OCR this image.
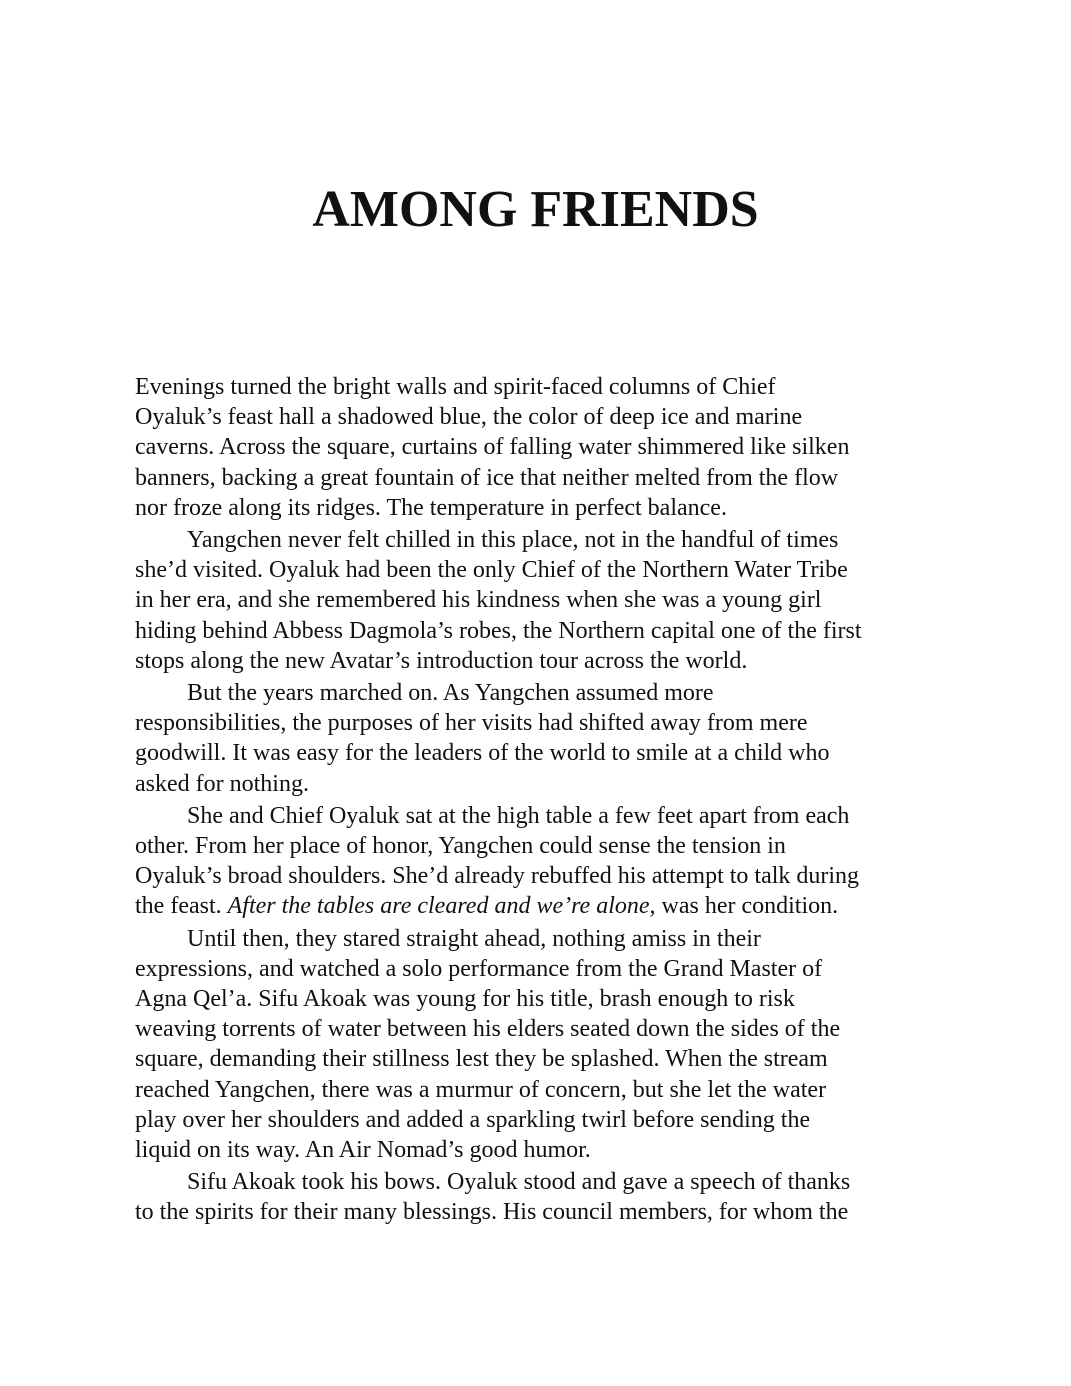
AMONG FRIENDS

Evenings turned the bright walls and spirit-faced columns of Chief
Oyaluk’s feast hall a shadowed blue, the color of deep ice and marine
caverns. Across the square, curtains of falling water shimmered like silken
banners, backing a great fountain of ice that neither melted from the flow
nor froze along its ridges. The temperature in perfect balance.

Yangchen never felt chilled in this place, not in the handful of times
she’d visited. Oyaluk had been the only Chief of the Northern Water Tribe
in her era, and she remembered his kindness when she was a young girl
hiding behind Abbess Dagmola’s robes, the Northern capital one of the first
stops along the new Avatar’s introduction tour across the world.

But the years marched on. As Yangchen assumed more
responsibilities, the purposes of her visits had shifted away from mere
goodwill. It was easy for the leaders of the world to smile at a child who
asked for nothing.

She and Chief Oyaluk sat at the high table a few feet apart from each
other. From her place of honor, Yangchen could sense the tension in
Oyaluk’s broad shoulders. She’d already rebuffed his attempt to talk during
the feast. After the tables are cleared and we’re alone, was her condition.

Until then, they stared straight ahead, nothing amiss in their
expressions, and watched a solo performance from the Grand Master of
Agna Qel’a. Sifu Akoak was young for his title, brash enough to risk
weaving torrents of water between his elders seated down the sides of the
square, demanding their stillness lest they be splashed. When the stream
reached Yangchen, there was a murmur of concern, but she let the water
play over her shoulders and added a sparkling twirl before sending the
liquid on its way. An Air Nomad’s good humor.

Sifu Akoak took his bows. Oyaluk stood and gave a speech of thanks
to the spirits for their many blessings. His council members, for whom the
